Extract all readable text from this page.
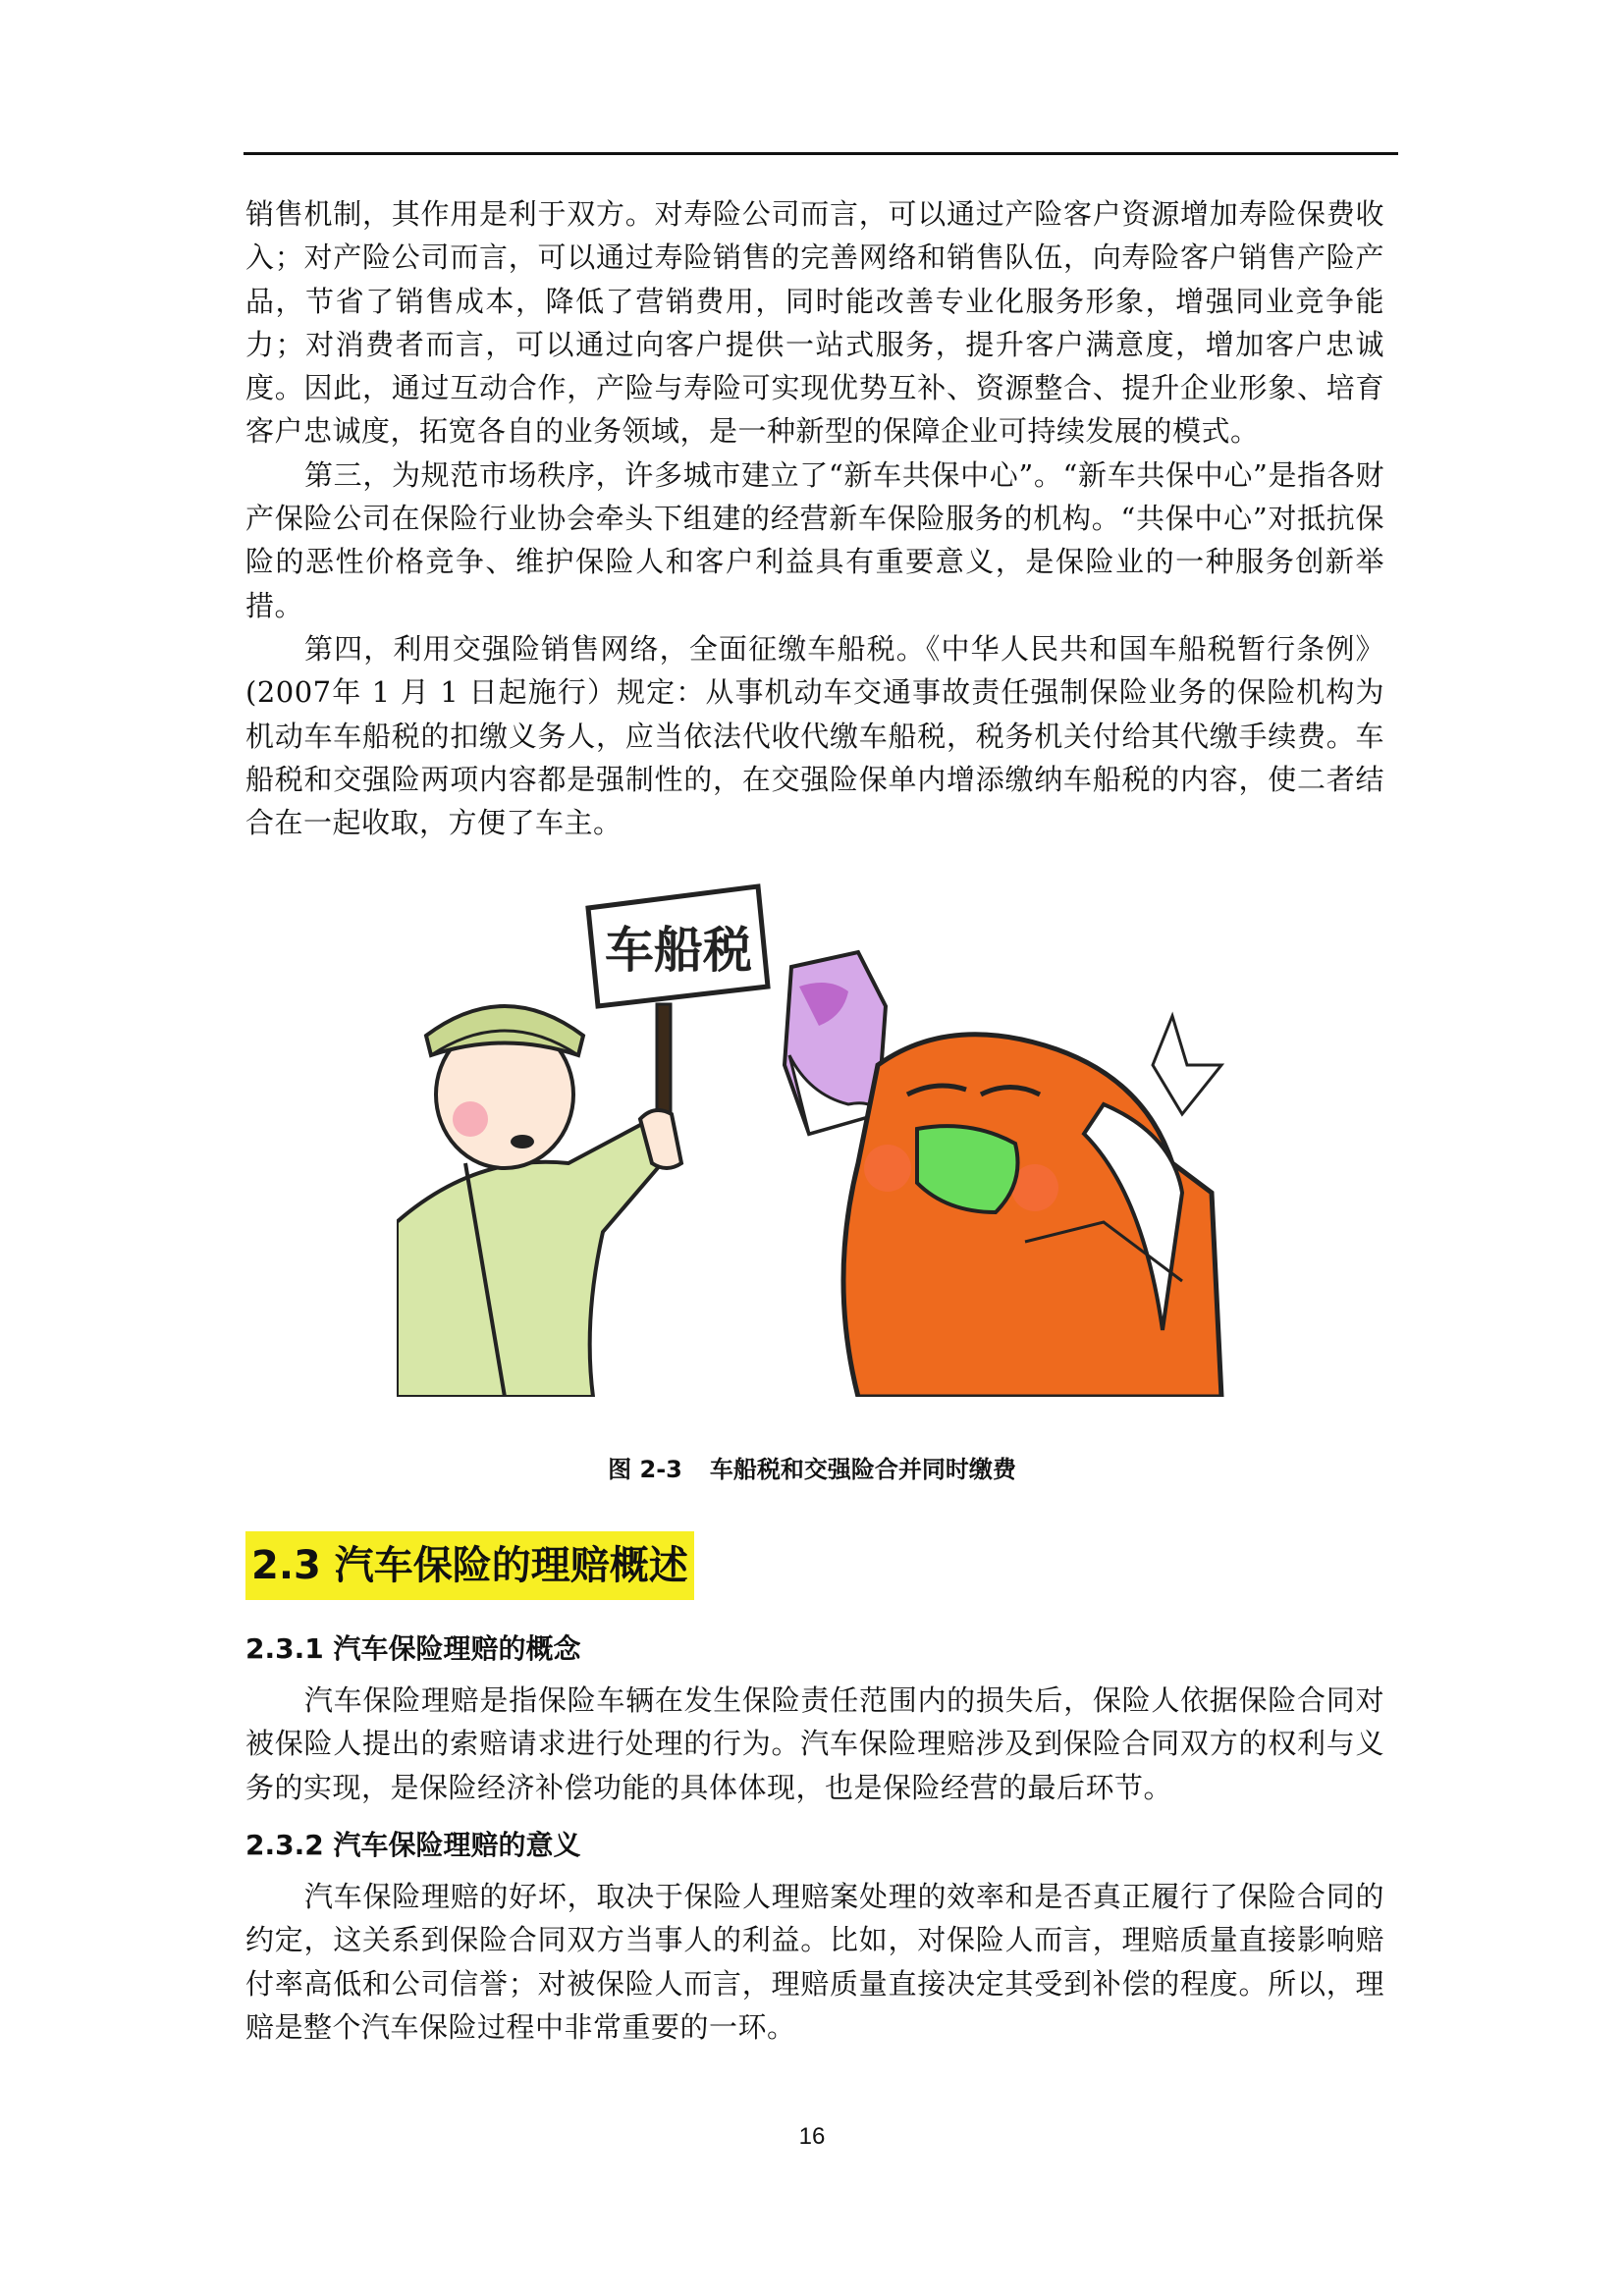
销售机制，其作用是利于双方。对寿险公司而言，可以通过产险客户资源增加寿险保费收入；对产险公司而言，可以通过寿险销售的完善网络和销售队伍，向寿险客户销售产险产品，节省了销售成本，降低了营销费用，同时能改善专业化服务形象，增强同业竞争能力；对消费者而言，可以通过向客户提供一站式服务，提升客户满意度，增加客户忠诚度。因此，通过互动合作，产险与寿险可实现优势互补、资源整合、提升企业形象、培育客户忠诚度，拓宽各自的业务领域，是一种新型的保障企业可持续发展的模式。

第三，为规范市场秩序，许多城市建立了“新车共保中心”。“新车共保中心”是指各财产保险公司在保险行业协会牵头下组建的经营新车保险服务的机构。“共保中心”对抵抗保险的恶性价格竞争、维护保险人和客户利益具有重要意义，是保险业的一种服务创新举措。

第四，利用交强险销售网络，全面征缴车船税。《中华人民共和国车船税暂行条例》(2007年 1 月 1 日起施行）规定：从事机动车交通事故责任强制保险业务的保险机构为机动车车船税的扣缴义务人，应当依法代收代缴车船税，税务机关付给其代缴手续费。车船税和交强险两项内容都是强制性的，在交强险保单内增添缴纳车船税的内容，使二者结合在一起收取，方便了车主。

车船税
图 2-3 车船税和交强险合并同时缴费
2.3 汽车保险的理赔概述
2.3.1 汽车保险理赔的概念

汽车保险理赔是指保险车辆在发生保险责任范围内的损失后，保险人依据保险合同对被保险人提出的索赔请求进行处理的行为。汽车保险理赔涉及到保险合同双方的权利与义务的实现，是保险经济补偿功能的具体体现，也是保险经营的最后环节。

2.3.2 汽车保险理赔的意义

汽车保险理赔的好坏，取决于保险人理赔案处理的效率和是否真正履行了保险合同的约定，这关系到保险合同双方当事人的利益。比如，对保险人而言，理赔质量直接影响赔付率高低和公司信誉；对被保险人而言，理赔质量直接决定其受到补偿的程度。所以，理赔是整个汽车保险过程中非常重要的一环。

16
